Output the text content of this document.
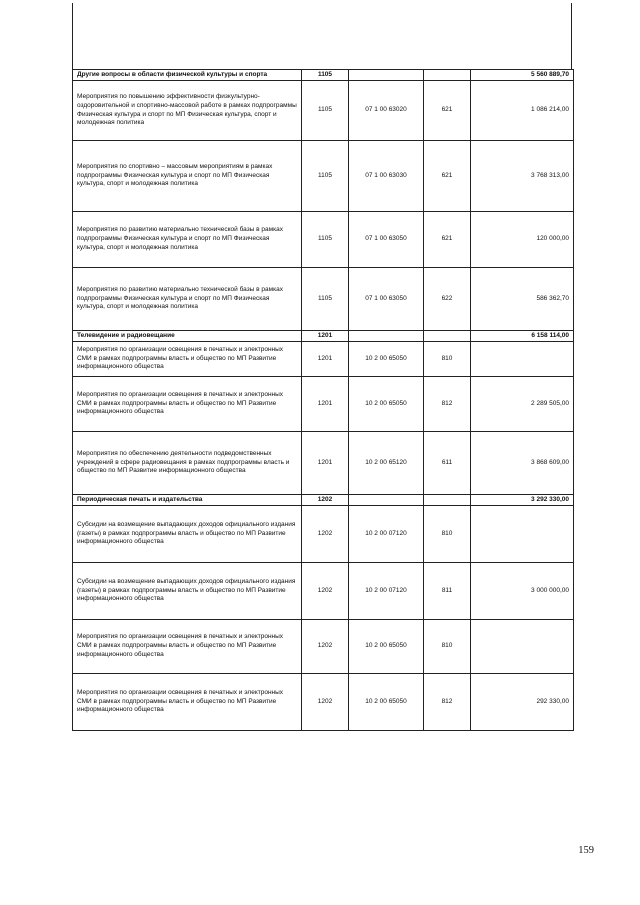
Другие вопросы в области физической культуры и спорта	1105			5 560 889,70
Мероприятия по повышению эффективности физкультурно-оздоровительной и спортивно-массовой работе в рамках подпрограммы Физическая культура и спорт по МП Физическая культура, спорт и молодежная политика	1105	07 1 00 63020	621	1 086 214,00
Мероприятия по спортивно – массовым мероприятиям в рамках подпрограммы Физическая культура и спорт по МП Физическая культура, спорт и молодежная политика	1105	07 1 00 63030	621	3 768 313,00
Мероприятия по развитию материально технической базы в рамках подпрограммы Физическая культура и спорт по МП Физическая культура, спорт и молодежная политика	1105	07 1 00 63050	621	120 000,00
Мероприятия по развитию материально технической базы в рамках подпрограммы Физическая культура и спорт по МП Физическая культура, спорт и молодежная политика	1105	07 1 00 63050	622	586 362,70
Телевидение и радиовещание	1201			6 158 114,00
Мероприятия по организации освещения в печатных и электронных СМИ в рамках подпрограммы власть и общество по МП Развитие информационного общества	1201	10 2 00 65050	810	
Мероприятия по организации освещения в печатных и электронных СМИ в рамках подпрограммы власть и общество по МП Развитие информационного общества	1201	10 2 00 65050	812	2 289 505,00
Мероприятия по обеспечению деятельности подведомственных учреждений в сфере радиовещания в рамках подпрограммы власть и общество по МП Развитие информационного общества	1201	10 2 00 65120	611	3 868 609,00
Периодическая печать и издательства	1202			3 292 330,00
Субсидии на возмещение выпадающих доходов официального издания (газеты) в рамках подпрограммы власть и общество по МП Развитие информационного общества	1202	10 2 00 07120	810	
Субсидии на возмещение выпадающих доходов официального издания (газеты) в рамках подпрограммы власть и общество по МП Развитие информационного общества	1202	10 2 00 07120	811	3 000 000,00
Мероприятия по организации освещения в печатных и электронных СМИ в рамках подпрограммы власть и общество по МП Развитие информационного общества	1202	10 2 00 65050	810	
Мероприятия по организации освещения в печатных и электронных СМИ в рамках подпрограммы власть и общество по МП Развитие информационного общества	1202	10 2 00 65050	812	292 330,00
159
